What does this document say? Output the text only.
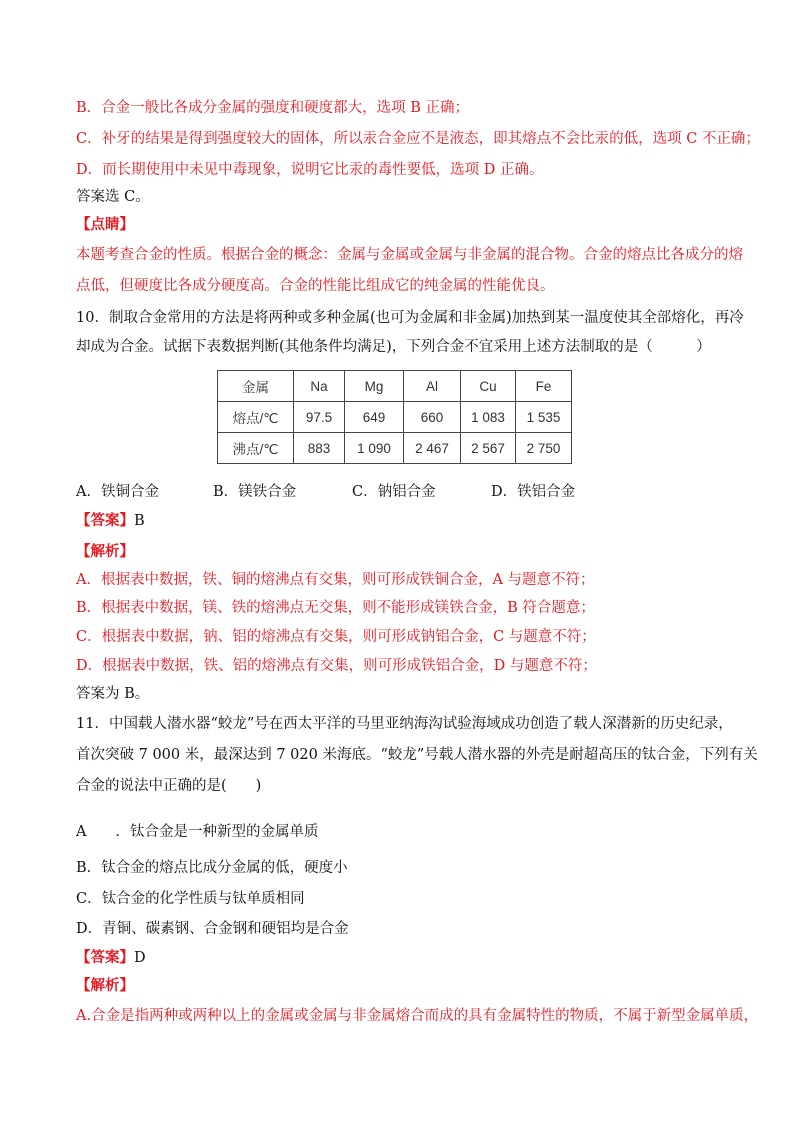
B．合金一般比各成分金属的强度和硬度都大，选项 B 正确；
C．补牙的结果是得到强度较大的固体，所以汞合金应不是液态，即其熔点不会比汞的低，选项 C 不正确；
D．而长期使用中未见中毒现象，说明它比汞的毒性要低，选项 D 正确。
答案选 C。
【点睛】
本题考查合金的性质。根据合金的概念：金属与金属或金属与非金属的混合物。合金的熔点比各成分的熔
点低，但硬度比各成分硬度高。合金的性能比组成它的纯金属的性能优良。
10．制取合金常用的方法是将两种或多种金属(也可为金属和非金属)加热到某一温度使其全部熔化，再冷
却成为合金。试据下表数据判断(其他条件均满足)，下列合金不宜采用上述方法制取的是（　　　）
金属	Na	Mg	Al	Cu	Fe
熔点/℃	97.5	649	660	1 083	1 535
沸点/℃	883	1 090	2 467	2 567	2 750
A．铁铜合金	B．镁铁合金	C．钠铝合金	D．铁铝合金
【答案】B
【解析】
A．根据表中数据，铁、铜的熔沸点有交集，则可形成铁铜合金，A 与题意不符；
B．根据表中数据，镁、铁的熔沸点无交集，则不能形成镁铁合金，B 符合题意；
C．根据表中数据，钠、铝的熔沸点有交集，则可形成钠铝合金，C 与题意不符；
D．根据表中数据，铁、铝的熔沸点有交集，则可形成铁铝合金，D 与题意不符；
答案为 B。
11．中国载人潜水器“蛟龙”号在西太平洋的马里亚纳海沟试验海域成功创造了载人深潜新的历史纪录，
首次突破 7 000 米，最深达到 7 020 米海底。“蛟龙”号载人潜水器的外壳是耐超高压的钛合金，下列有关
合金的说法中正确的是(　　)
A　　．钛合金是一种新型的金属单质
B．钛合金的熔点比成分金属的低，硬度小
C．钛合金的化学性质与钛单质相同
D．青铜、碳素钢、合金钢和硬铝均是合金
【答案】D
【解析】
A.合金是指两种或两种以上的金属或金属与非金属熔合而成的具有金属特性的物质，不属于新型金属单质，
